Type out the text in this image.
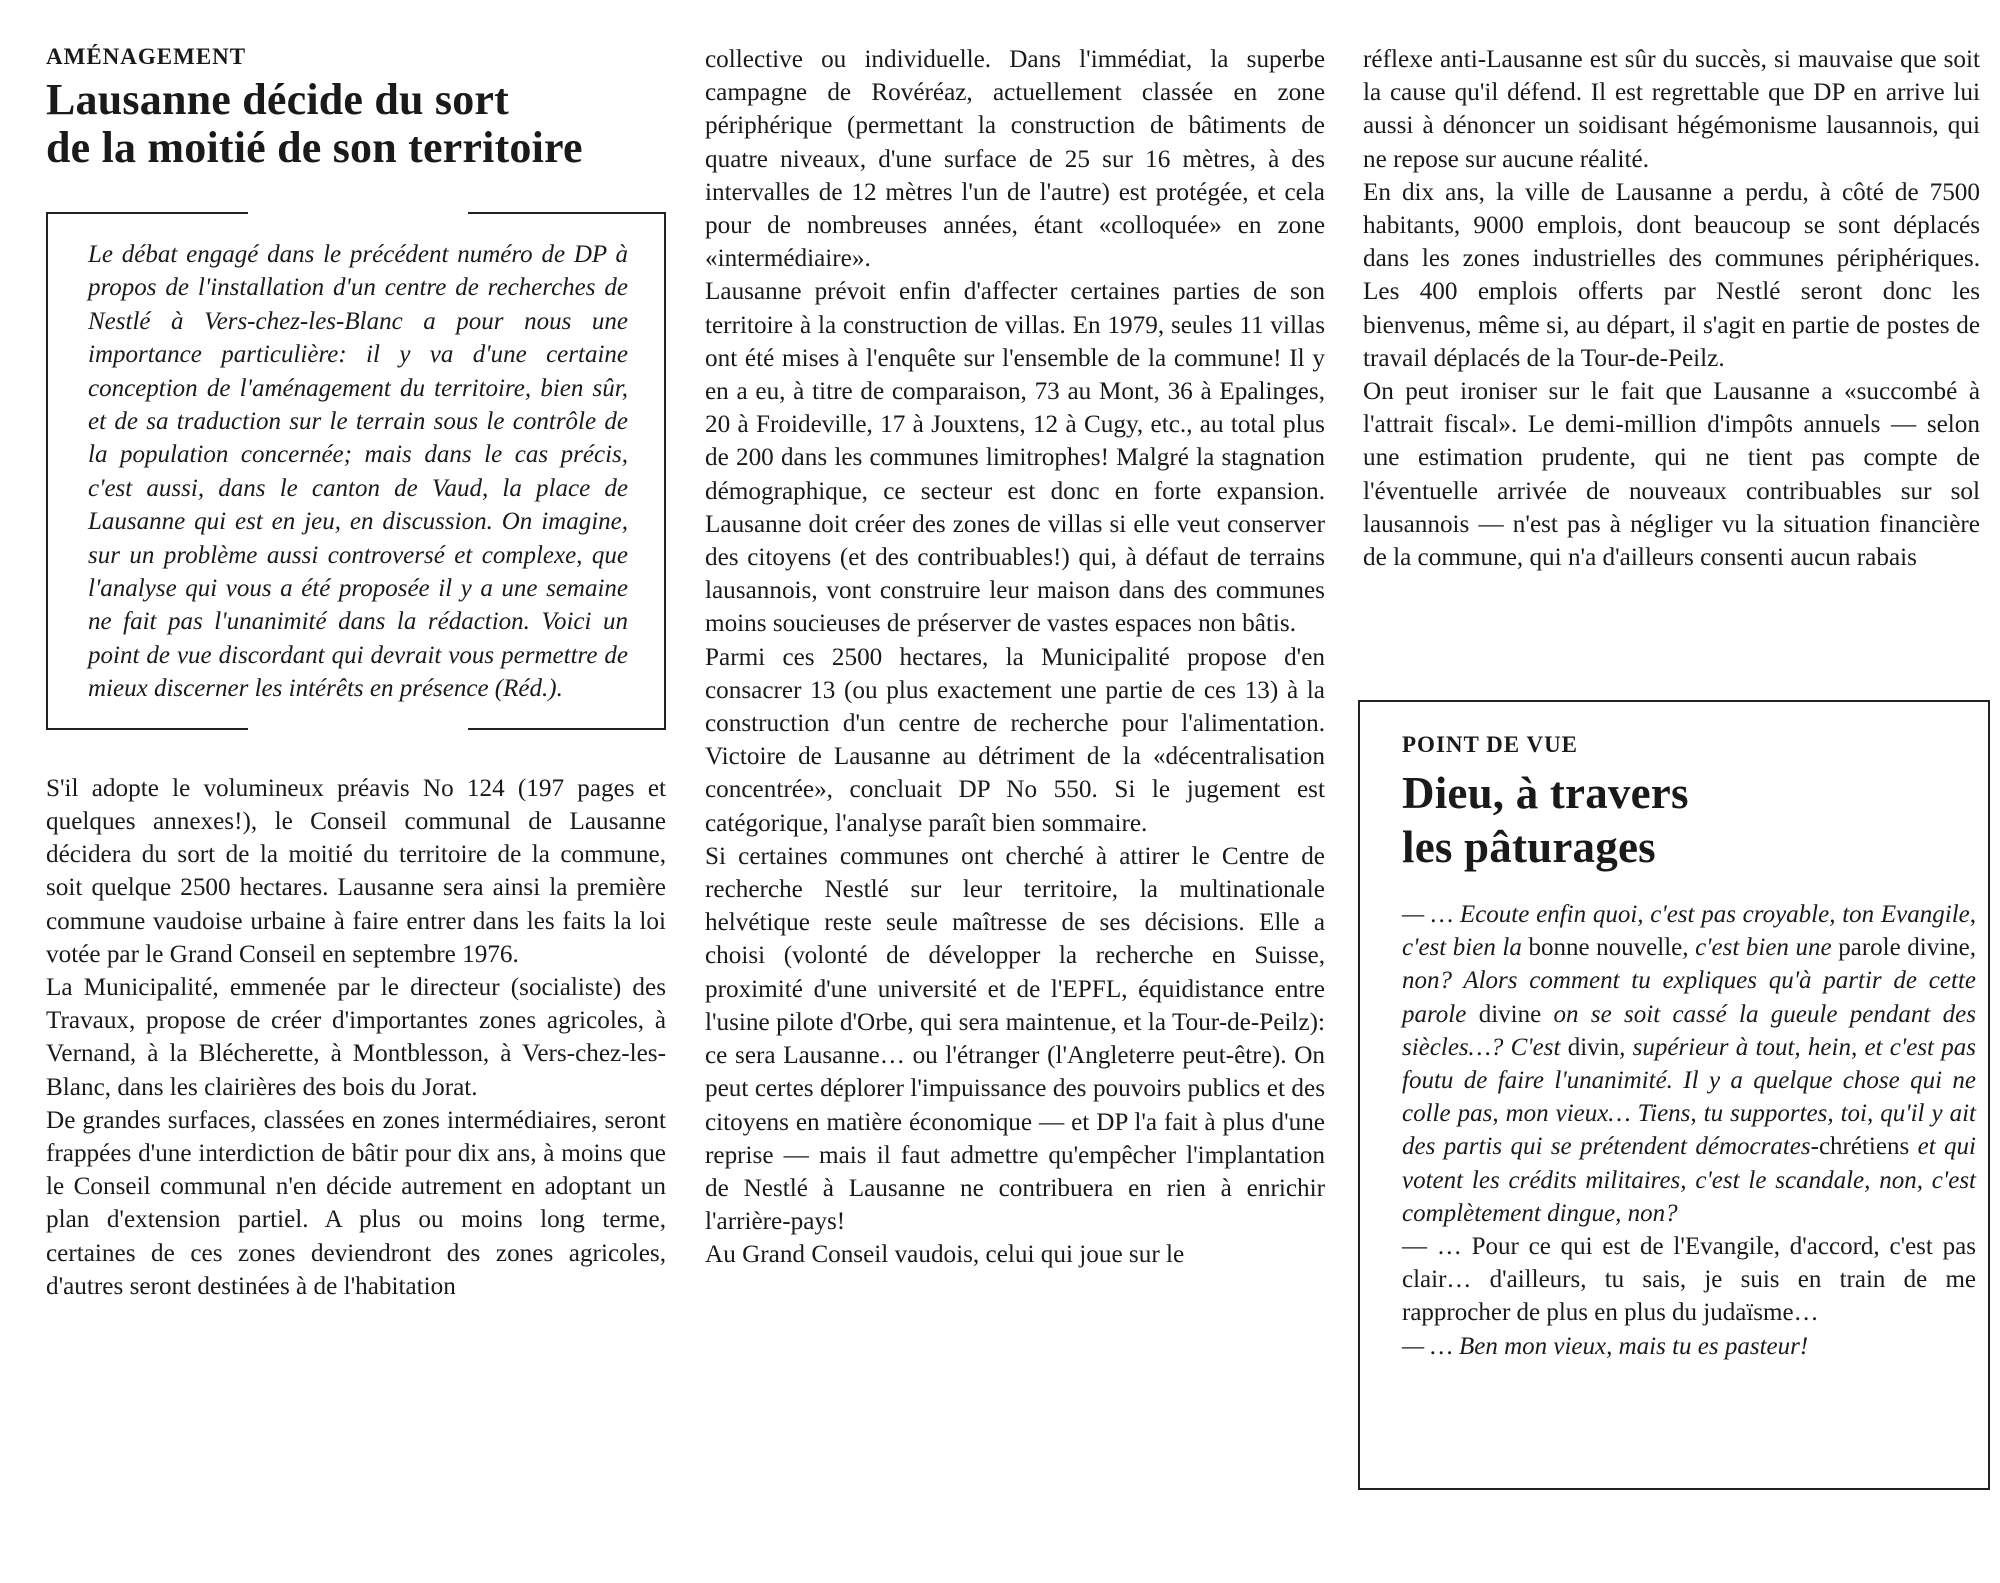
AMÉNAGEMENT
Lausanne décide du sort
de la moitié de son territoire

Le débat engagé dans le précédent numéro de DP à propos de l'installation d'un centre de recherches de Nestlé à Vers-chez-les-Blanc a pour nous une importance particulière: il y va d'une certaine conception de l'aménagement du territoire, bien sûr, et de sa traduction sur le terrain sous le contrôle de la population concernée; mais dans le cas précis, c'est aussi, dans le canton de Vaud, la place de Lausanne qui est en jeu, en discussion. On imagine, sur un problème aussi controversé et complexe, que l'analyse qui vous a été proposée il y a une semaine ne fait pas l'unanimité dans la rédaction. Voici un point de vue discordant qui devrait vous permettre de mieux discerner les intérêts en présence (Réd.).

S'il adopte le volumineux préavis No 124 (197 pages et quelques annexes!), le Conseil communal de Lausanne décidera du sort de la moitié du territoire de la commune, soit quelque 2500 hectares. Lausanne sera ainsi la première commune vaudoise urbaine à faire entrer dans les faits la loi votée par le Grand Conseil en septembre 1976.

La Municipalité, emmenée par le directeur (socialiste) des Travaux, propose de créer d'importantes zones agricoles, à Vernand, à la Blécherette, à Montblesson, à Vers-chez-les-Blanc, dans les clairières des bois du Jorat.

De grandes surfaces, classées en zones intermédiaires, seront frappées d'une interdiction de bâtir pour dix ans, à moins que le Conseil communal n'en décide autrement en adoptant un plan d'extension partiel. A plus ou moins long terme, certaines de ces zones deviendront des zones agricoles, d'autres seront destinées à de l'habitation

collective ou individuelle. Dans l'immédiat, la superbe campagne de Rovéréaz, actuellement classée en zone périphérique (permettant la construction de bâtiments de quatre niveaux, d'une surface de 25 sur 16 mètres, à des intervalles de 12 mètres l'un de l'autre) est protégée, et cela pour de nombreuses années, étant «colloquée» en zone «intermédiaire».

Lausanne prévoit enfin d'affecter certaines parties de son territoire à la construction de villas. En 1979, seules 11 villas ont été mises à l'enquête sur l'ensemble de la commune! Il y en a eu, à titre de comparaison, 73 au Mont, 36 à Epalinges, 20 à Froideville, 17 à Jouxtens, 12 à Cugy, etc., au total plus de 200 dans les communes limitrophes! Malgré la stagnation démographique, ce secteur est donc en forte expansion. Lausanne doit créer des zones de villas si elle veut conserver des citoyens (et des contribuables!) qui, à défaut de terrains lausannois, vont construire leur maison dans des communes moins soucieuses de préserver de vastes espaces non bâtis.

Parmi ces 2500 hectares, la Municipalité propose d'en consacrer 13 (ou plus exactement une partie de ces 13) à la construction d'un centre de recherche pour l'alimentation. Victoire de Lausanne au détriment de la «décentralisation concentrée», concluait DP No 550. Si le jugement est catégorique, l'analyse paraît bien sommaire.

Si certaines communes ont cherché à attirer le Centre de recherche Nestlé sur leur territoire, la multinationale helvétique reste seule maîtresse de ses décisions. Elle a choisi (volonté de développer la recherche en Suisse, proximité d'une université et de l'EPFL, équidistance entre l'usine pilote d'Orbe, qui sera maintenue, et la Tour-de-Peilz): ce sera Lausanne… ou l'étranger (l'Angleterre peut-être). On peut certes déplorer l'impuissance des pouvoirs publics et des citoyens en matière économique — et DP l'a fait à plus d'une reprise — mais il faut admettre qu'empêcher l'implantation de Nestlé à Lausanne ne contribuera en rien à enrichir l'arrière-pays!

Au Grand Conseil vaudois, celui qui joue sur le

réflexe anti-Lausanne est sûr du succès, si mauvaise que soit la cause qu'il défend. Il est regrettable que DP en arrive lui aussi à dénoncer un soidisant hégémonisme lausannois, qui ne repose sur aucune réalité.

En dix ans, la ville de Lausanne a perdu, à côté de 7500 habitants, 9000 emplois, dont beaucoup se sont déplacés dans les zones industrielles des communes périphériques. Les 400 emplois offerts par Nestlé seront donc les bienvenus, même si, au départ, il s'agit en partie de postes de travail déplacés de la Tour-de-Peilz.

On peut ironiser sur le fait que Lausanne a «succombé à l'attrait fiscal». Le demi-million d'impôts annuels — selon une estimation prudente, qui ne tient pas compte de l'éventuelle arrivée de nouveaux contribuables sur sol lausannois — n'est pas à négliger vu la situation financière de la commune, qui n'a d'ailleurs consenti aucun rabais

POINT DE VUE
Dieu, à travers
les pâturages

— … Ecoute enfin quoi, c'est pas croyable, ton Evangile, c'est bien la bonne nouvelle, c'est bien une parole divine, non? Alors comment tu expliques qu'à partir de cette parole divine on se soit cassé la gueule pendant des siècles…? C'est divin, supérieur à tout, hein, et c'est pas foutu de faire l'unanimité. Il y a quelque chose qui ne colle pas, mon vieux… Tiens, tu supportes, toi, qu'il y ait des partis qui se prétendent démocrates-chrétiens et qui votent les crédits militaires, c'est le scandale, non, c'est complètement dingue, non?

— … Pour ce qui est de l'Evangile, d'accord, c'est pas clair… d'ailleurs, tu sais, je suis en train de me rapprocher de plus en plus du judaïsme…

— … Ben mon vieux, mais tu es pasteur!
